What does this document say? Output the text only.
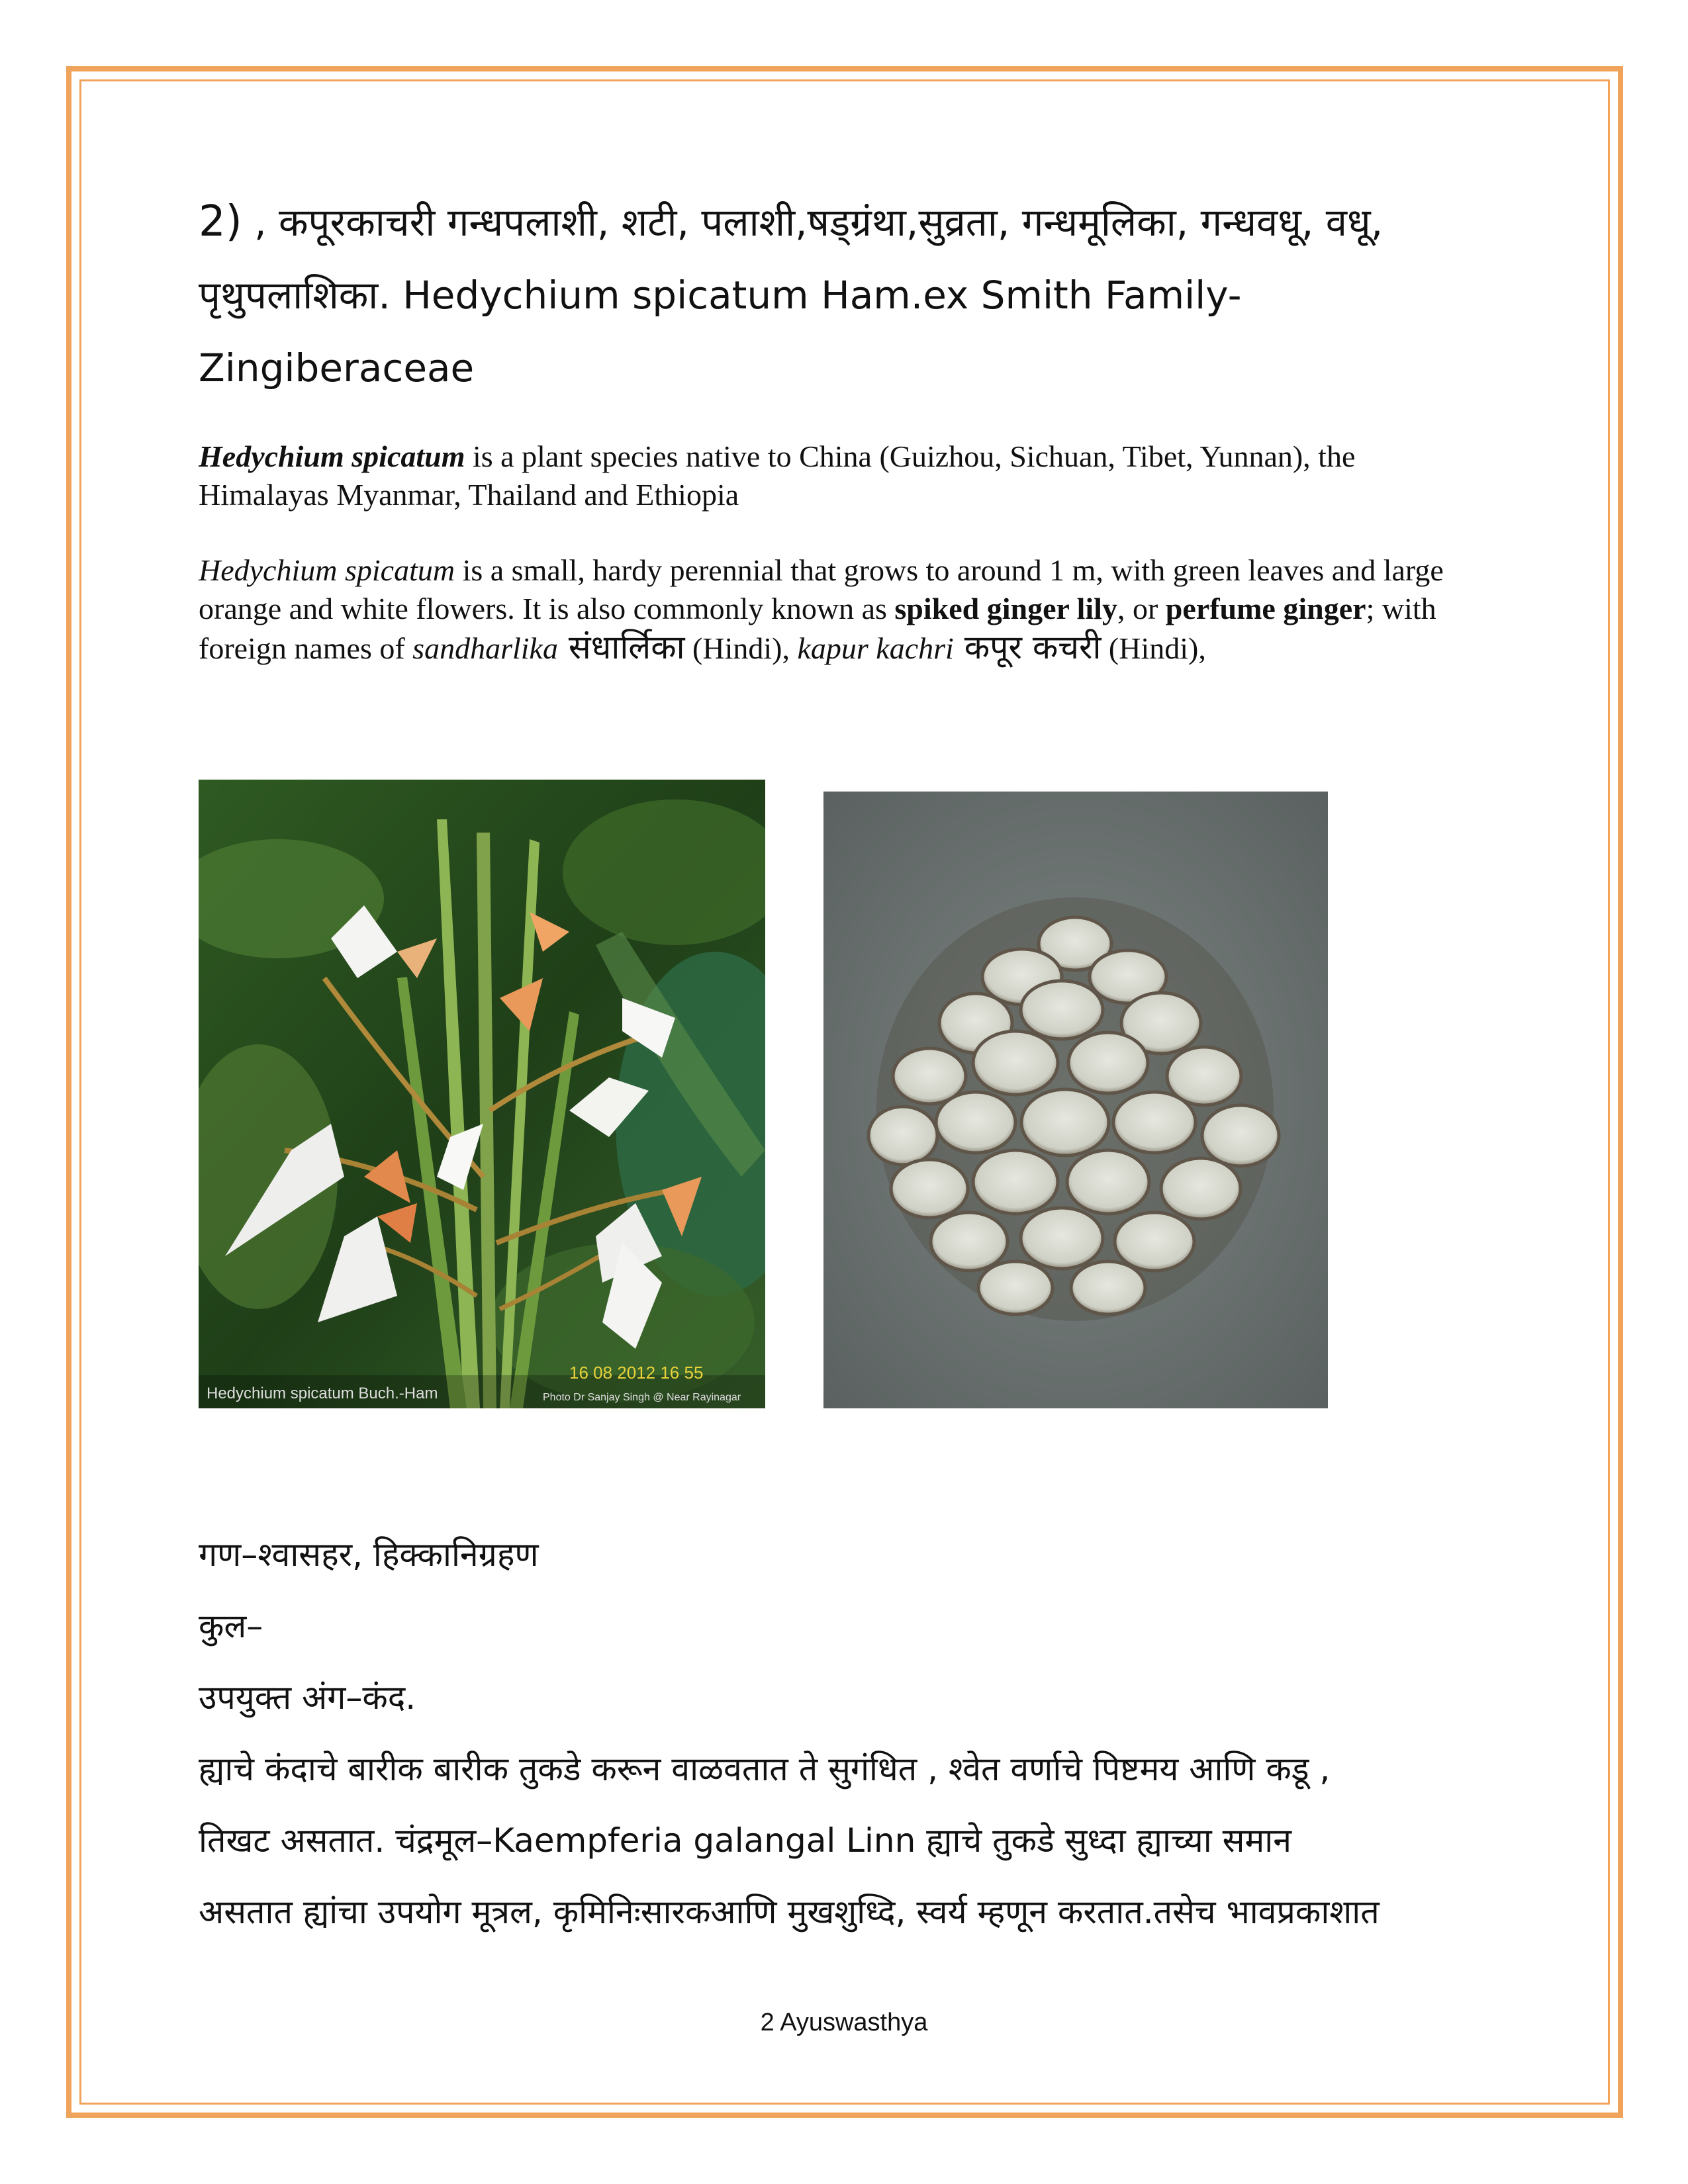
2) , कपूरकाचरी गन्धपलाशी, शटी, पलाशी,षड्ग्रंथा,सुव्रता, गन्धमूलिका, गन्धवधू, वधू,
पृथुपलाशिका. Hedychium spicatum Ham.ex Smith Family-
Zingiberaceae

Hedychium spicatum is a plant species native to China (Guizhou, Sichuan, Tibet, Yunnan), the Himalayas Myanmar, Thailand and Ethiopia

Hedychium spicatum is a small, hardy perennial that grows to around 1 m, with green leaves and large orange and white flowers. It is also commonly known as spiked ginger lily, or perfume ginger; with foreign names of sandharlika संधार्लिका (Hindi), kapur kachri कपूर कचरी (Hindi),

16 08 2012 16 55
Hedychium spicatum Buch.-Ham	Photo Dr Sanjay Singh @ Near Rayinagar
गण–श्वासहर, हिक्कानिग्रहण
कुल–
उपयुक्त अंग–कंद.
ह्याचे कंदाचे बारीक बारीक तुकडे करून वाळवतात ते सुगंधित , श्वेत वर्णाचे पिष्टमय आणि कडू ,
तिखट असतात. चंद्रमूल–Kaempferia galangal Linn ह्याचे तुकडे सुध्दा ह्याच्या समान
असतात ह्यांचा उपयोग मूत्रल, कृमिनिःसारकआणि मुखशुध्दि, स्वर्य म्हणून करतात.तसेच भावप्रकाशात
2 Ayuswasthya
